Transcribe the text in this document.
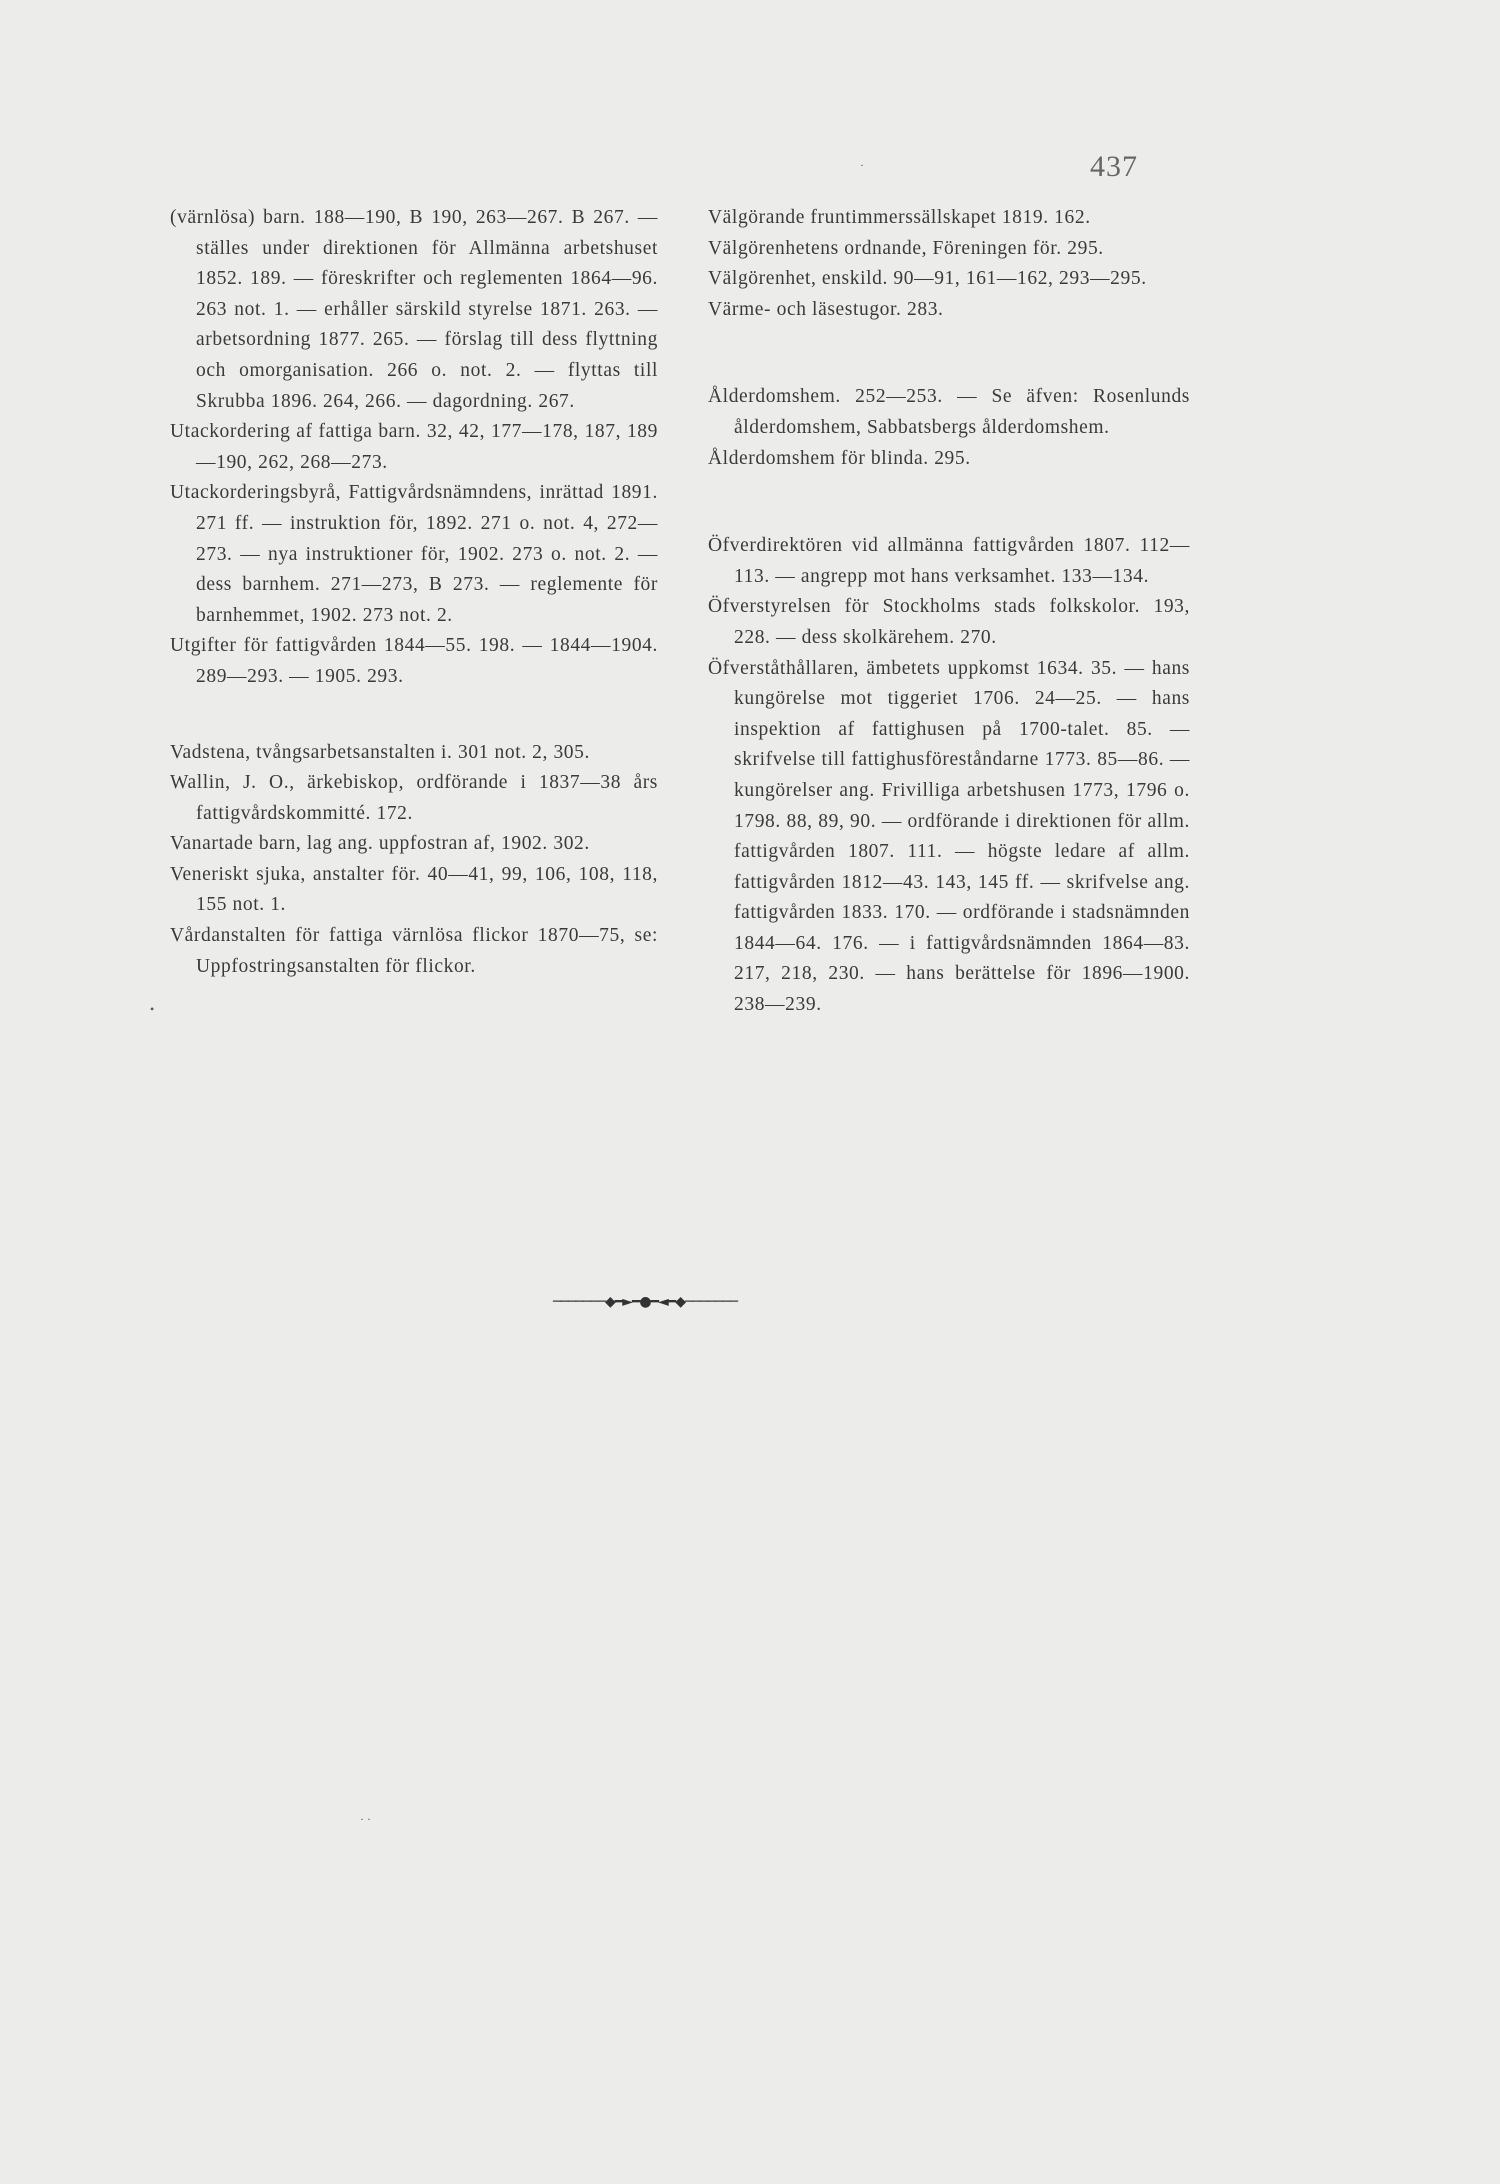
437

(värnlösa) barn. 188—190, B 190, 263—267. B 267. — ställes under direktionen för Allmänna arbetshuset 1852. 189. — föreskrifter och reglementen 1864—96. 263 not. 1. — erhåller särskild styrelse 1871. 263. — arbetsordning 1877. 265. — förslag till dess flyttning och omorganisation. 266 o. not. 2. — flyttas till Skrubba 1896. 264, 266. — dagordning. 267.

Utackordering af fattiga barn. 32, 42, 177—178, 187, 189—190, 262, 268—273.

Utackorderingsbyrå, Fattigvårdsnämndens, inrättad 1891. 271 ff. — instruktion för, 1892. 271 o. not. 4, 272—273. — nya instruktioner för, 1902. 273 o. not. 2. — dess barnhem. 271—273, B 273. — reglemente för barnhemmet, 1902. 273 not. 2.

Utgifter för fattigvården 1844—55. 198. — 1844—1904. 289—293. — 1905. 293.

Vadstena, tvångsarbetsanstalten i. 301 not. 2, 305.

Wallin, J. O., ärkebiskop, ordförande i 1837—38 års fattigvårdskommitté. 172.

Vanartade barn, lag ang. uppfostran af, 1902. 302.

Veneriskt sjuka, anstalter för. 40—41, 99, 106, 108, 118, 155 not. 1.

Vårdanstalten för fattiga värnlösa flickor 1870—75, se: Uppfostringsanstalten för flickor.

Välgörande fruntimmerssällskapet 1819. 162.

Välgörenhetens ordnande, Föreningen för. 295.

Välgörenhet, enskild. 90—91, 161—162, 293—295.

Värme- och läsestugor. 283.

Ålderdomshem. 252—253. — Se äfven: Rosenlunds ålderdomshem, Sabbatsbergs ålderdomshem.

Ålderdomshem för blinda. 295.

Öfverdirektören vid allmänna fattigvården 1807. 112—113. — angrepp mot hans verksamhet. 133—134.

Öfverstyrelsen för Stockholms stads folkskolor. 193, 228. — dess skolkärehem. 270.

Öfverståthållaren, ämbetets uppkomst 1634. 35. — hans kungörelse mot tiggeriet 1706. 24—25. — hans inspektion af fattighusen på 1700-talet. 85. — skrifvelse till fattighusföreståndarne 1773. 85—86. — kungörelser ang. Frivilliga arbetshusen 1773, 1796 o. 1798. 88, 89, 90. — ordförande i direktionen för allm. fattigvården 1807. 111. — högste ledare af allm. fattigvården 1812—43. 143, 145 ff. — skrifvelse ang. fattigvården 1833. 170. — ordförande i stadsnämnden 1844—64. 176. — i fattigvårdsnämnden 1864—83. 217, 218, 230. — hans berättelse för 1896—1900. 238—239.

───────◆━►━●━◄━◆───────
·
•
· ·
